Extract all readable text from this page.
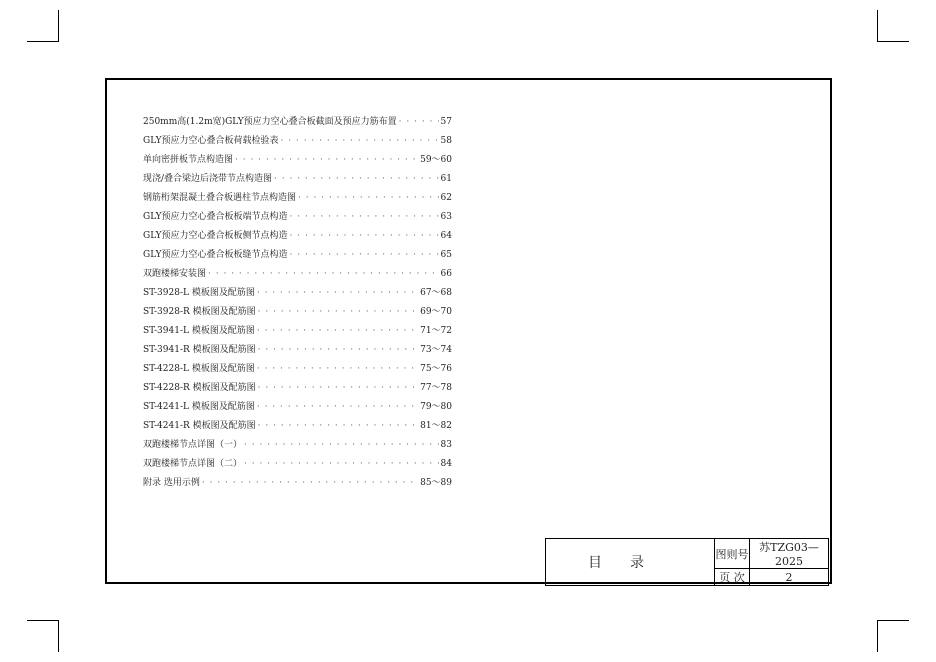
250mm高(1.2m宽)GLY预应力空心叠合板截面及预应力筋布置 · · ·	57
GLY预应力空心叠合板荷载检验表 · · ·	58
单向密拼板节点构造图 · · ·	59～60
现浇/叠合梁边后浇带节点构造图 · · ·	61
钢筋桁架混凝土叠合板遇柱节点构造图 · · ·	62
GLY预应力空心叠合板板端节点构造 · · ·	63
GLY预应力空心叠合板板侧节点构造 · · ·	64
GLY预应力空心叠合板板缝节点构造 · · ·	65
双跑楼梯安装图 · · ·	66
ST-3928-L 模板图及配筋图 · · ·	67～68
ST-3928-R 模板图及配筋图 · · ·	69～70
ST-3941-L 模板图及配筋图 · · ·	71～72
ST-3941-R 模板图及配筋图 · · ·	73～74
ST-4228-L 模板图及配筋图 · · ·	75～76
ST-4228-R 模板图及配筋图 · · ·	77～78
ST-4241-L 模板图及配筋图 · · ·	79～80
ST-4241-R 模板图及配筋图 · · ·	81～82
双跑楼梯节点详图（一） · · ·	83
双跑楼梯节点详图（二） · · ·	84
附录 选用示例 · · ·	85～89
目录	图则号	苏TZG03—2025
	页 次	2
